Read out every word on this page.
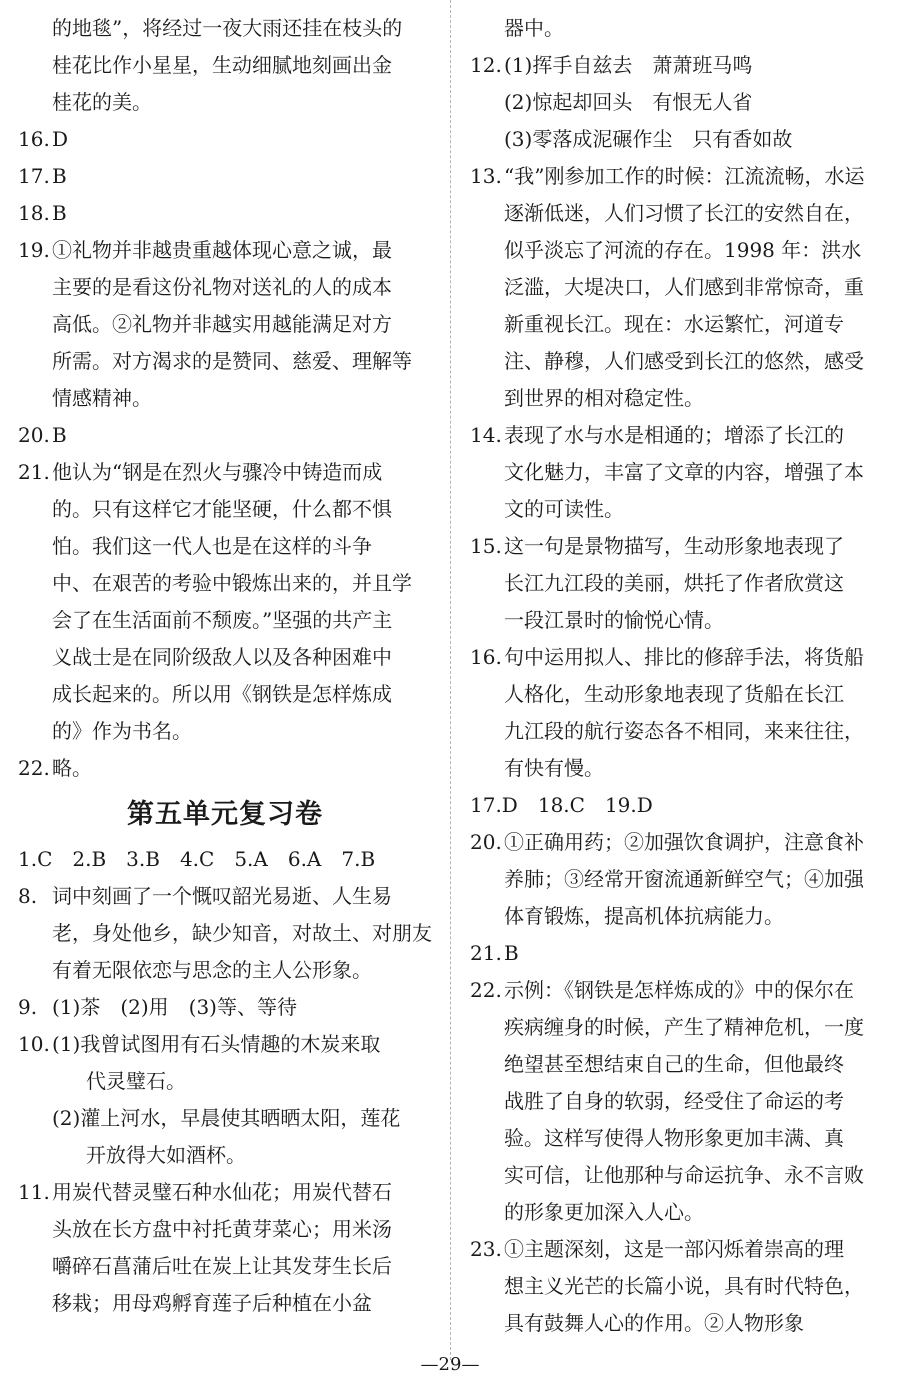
的地毯”，将经过一夜大雨还挂在枝头的
桂花比作小星星，生动细腻地刻画出金
桂花的美。
16. D
17. B
18. B
19. ①礼物并非越贵重越体现心意之诚，最
主要的是看这份礼物对送礼的人的成本
高低。②礼物并非越实用越能满足对方
所需。对方渴求的是赞同、慈爱、理解等
情感精神。
20. B
21. 他认为“钢是在烈火与骤冷中铸造而成
的。只有这样它才能坚硬，什么都不惧
怕。我们这一代人也是在这样的斗争
中、在艰苦的考验中锻炼出来的，并且学
会了在生活面前不颓废。”坚强的共产主
义战士是在同阶级敌人以及各种困难中
成长起来的。所以用《钢铁是怎样炼成
的》作为书名。
22. 略。
第五单元复习卷
1.C　2.B　3.B　4.C　5.A　6.A　7.B
8. 词中刻画了一个慨叹韶光易逝、人生易
老，身处他乡，缺少知音，对故土、对朋友
有着无限依恋与思念的主人公形象。
9. (1)茶　(2)用　(3)等、等待
10. (1)我曾试图用有石头情趣的木炭来取
代灵璧石。
(2)灌上河水，早晨使其晒晒太阳，莲花
开放得大如酒杯。
11. 用炭代替灵璧石种水仙花；用炭代替石
头放在长方盘中衬托黄芽菜心；用米汤
嚼碎石菖蒲后吐在炭上让其发芽生长后
移栽；用母鸡孵育莲子后种植在小盆
器中。
12. (1)挥手自兹去　萧萧班马鸣
(2)惊起却回头　有恨无人省
(3)零落成泥碾作尘　只有香如故
13. “我”刚参加工作的时候：江流流畅，水运
逐渐低迷，人们习惯了长江的安然自在，
似乎淡忘了河流的存在。1998 年：洪水
泛滥，大堤决口，人们感到非常惊奇，重
新重视长江。现在：水运繁忙，河道专
注、静穆，人们感受到长江的悠然，感受
到世界的相对稳定性。
14. 表现了水与水是相通的；增添了长江的
文化魅力，丰富了文章的内容，增强了本
文的可读性。
15. 这一句是景物描写，生动形象地表现了
长江九江段的美丽，烘托了作者欣赏这
一段江景时的愉悦心情。
16. 句中运用拟人、排比的修辞手法，将货船
人格化，生动形象地表现了货船在长江
九江段的航行姿态各不相同，来来往往，
有快有慢。
17.D　18.C　19.D
20. ①正确用药；②加强饮食调护，注意食补
养肺；③经常开窗流通新鲜空气；④加强
体育锻炼，提高机体抗病能力。
21. B
22. 示例：《钢铁是怎样炼成的》中的保尔在
疾病缠身的时候，产生了精神危机，一度
绝望甚至想结束自己的生命，但他最终
战胜了自身的软弱，经受住了命运的考
验。这样写使得人物形象更加丰满、真
实可信，让他那种与命运抗争、永不言败
的形象更加深入人心。
23. ①主题深刻，这是一部闪烁着崇高的理
想主义光芒的长篇小说，具有时代特色，
具有鼓舞人心的作用。②人物形象
—29—
